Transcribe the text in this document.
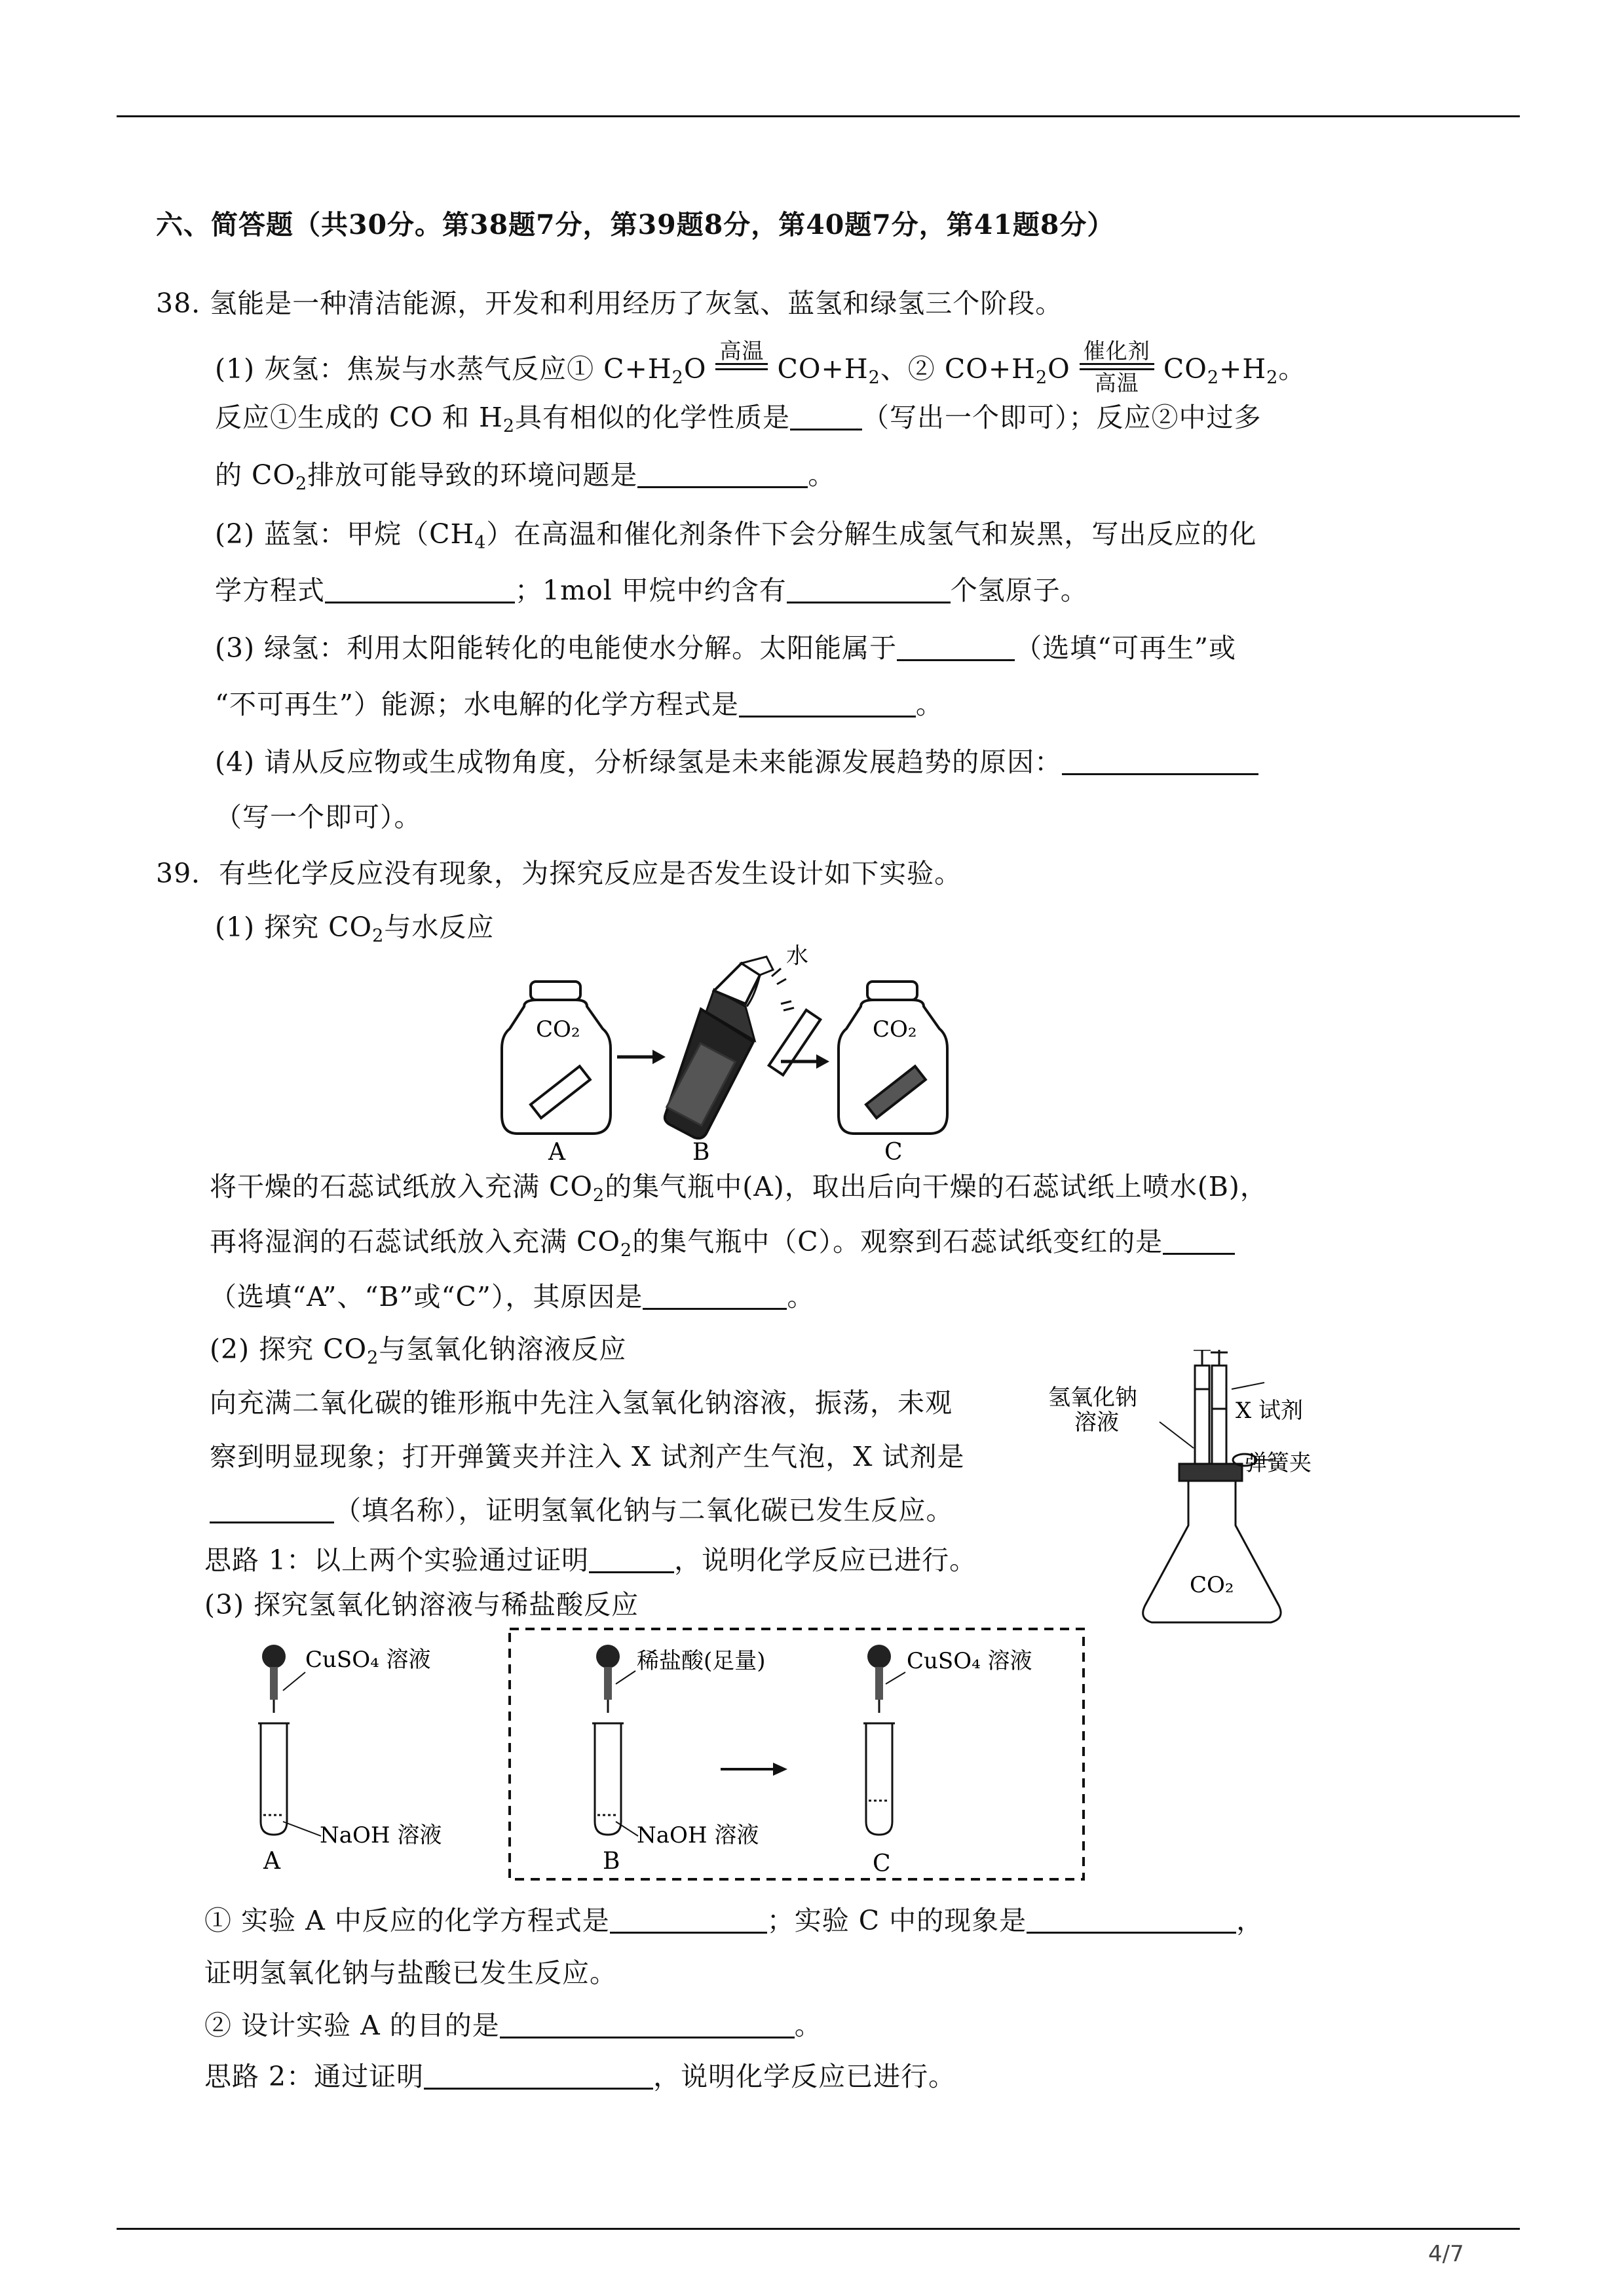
六、简答题（共30分。第38题7分，第39题8分，第40题7分，第41题8分）
38. 氢能是一种清洁能源，开发和利用经历了灰氢、蓝氢和绿氢三个阶段。
(1) 灰氢：焦炭与水蒸气反应① $C+H_2O$
高温

$CO+H_2$、② $CO+H_2O$
催化剂
高温 $CO_2+H_2$。
反应①生成的 CO 和 $H_2$具有相似的化学性质是	（写出一个即可）；反应②中过多
的 $CO_2$排放可能导致的环境问题是	。
(2) 蓝氢：甲烷$(CH_4)$在高温和催化剂条件下会分解生成氢气和炭黑，写出反应的化
学方程式	；1mol 甲烷中约含有	个氢原子。
(3) 绿氢：利用太阳能转化的电能使水分解。太阳能属于	（选填“可再生”或
“不可再生”）能源；水电解的化学方程式是	。
(4) 请从反应物或生成物角度，分析绿氢是未来能源发展趋势的原因：
（写一个即可）。
39．有些化学反应没有现象，为探究反应是否发生设计如下实验。
(1) 探究 $CO_2$与水反应
CO₂
A
水
B
CO₂
C
将干燥的石蕊试纸放入充满 $CO_2$的集气瓶中(A)，取出后向干燥的石蕊试纸上喷水(B)，
再将湿润的石蕊试纸放入充满 $CO_2$的集气瓶中（C）。观察到石蕊试纸变红的是
（选填“A”、“B”或“C”），其原因是	。
(2) 探究 $CO_2$与氢氧化钠溶液反应
向充满二氧化碳的锥形瓶中先注入氢氧化钠溶液，振荡，未观
察到明显现象；打开弹簧夹并注入 X 试剂产生气泡，X 试剂是
（填名称），证明氢氧化钠与二氧化碳已发生反应。
思路 1：以上两个实验通过证明	，说明化学反应已进行。
CO₂
氢氧化钠
溶液	X 试剂
弹簧夹
(3) 探究氢氧化钠溶液与稀盐酸反应
CuSO₄ 溶液
NaOH 溶液
A
稀盐酸(足量)
NaOH 溶液
B
CuSO₄ 溶液
C
① 实验 A 中反应的化学方程式是	；实验 C 中的现象是	，
证明氢氧化钠与盐酸已发生反应。
② 设计实验 A 的目的是	。
思路 2：通过证明	，说明化学反应已进行。
4/7
